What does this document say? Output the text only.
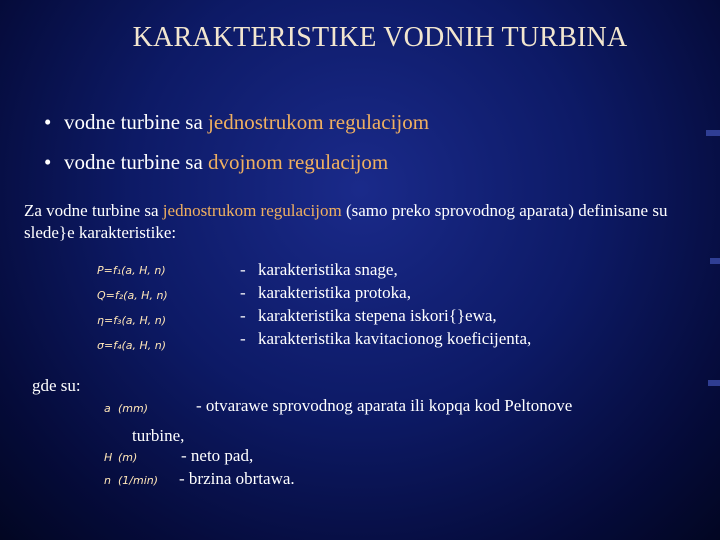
KARAKTERISTIKE VODNIH TURBINA
• vodne turbine sa jednostrukom regulacijom
• vodne turbine sa dvojnom regulacijom
Za vodne turbine sa jednostrukom regulacijom (samo preko sprovodnog aparata) definisane su slede}e karakteristike:
P=f₁(a, H, n)
Q=f₂(a, H, n)
η=f₃(a, H, n)
σ=f₄(a, H, n)
- karakteristika snage,
- karakteristika protoka,
- karakteristika stepena iskori{}ewa,
- karakteristika kavitacionog koeficijenta,
gde su:
a (mm)	- otvarawe sprovodnog aparata ili kopqa kod Peltonove
turbine,
H (m)	- neto pad,
n (1/min) - brzina obrtawa.
